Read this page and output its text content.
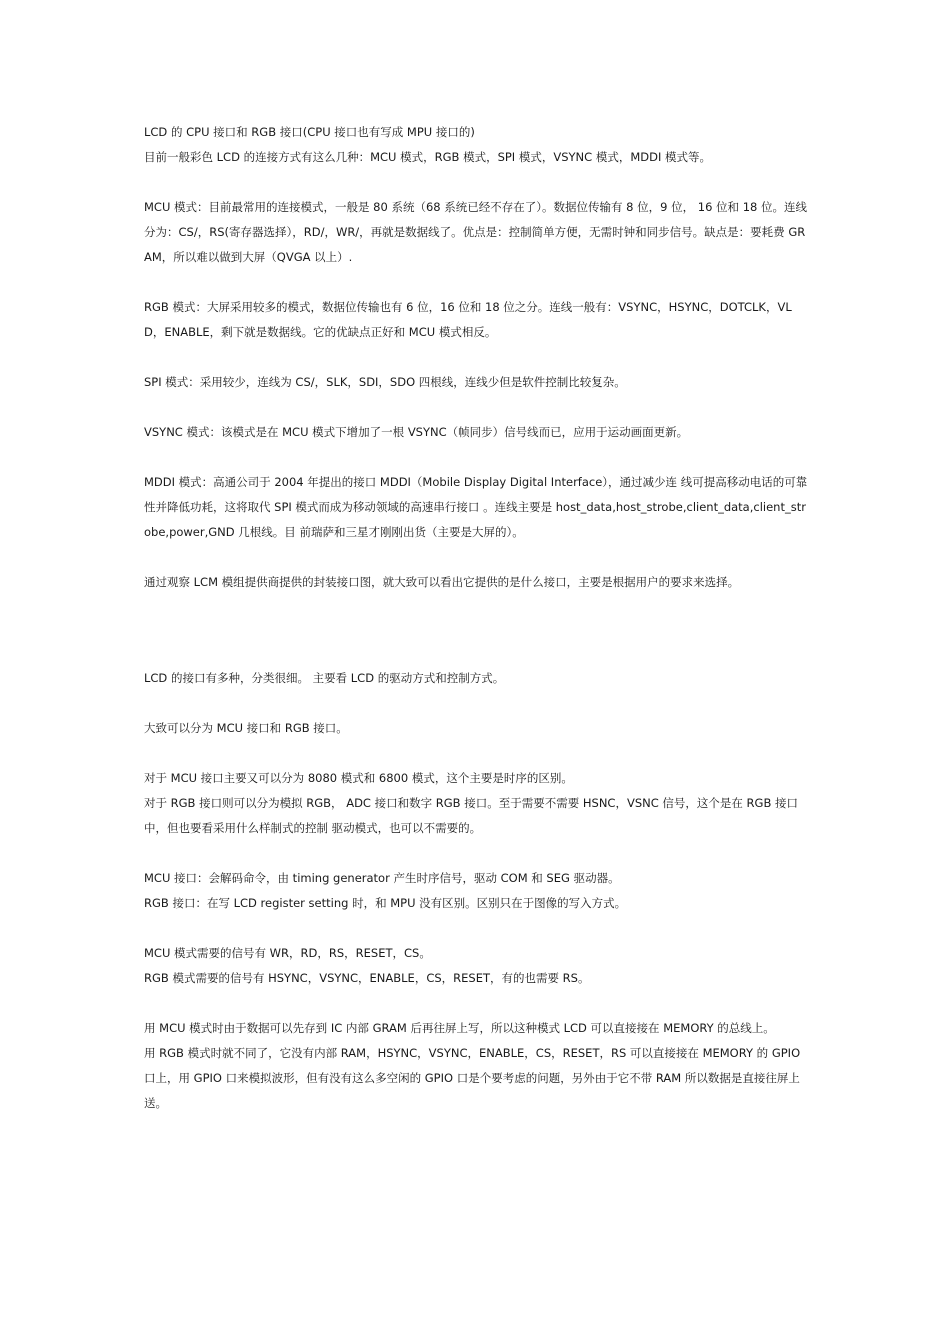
LCD 的 CPU 接口和 RGB 接口(CPU 接口也有写成 MPU 接口的)

目前一般彩色 LCD 的连接方式有这么几种：MCU 模式，RGB 模式，SPI 模式，VSYNC 模式，MDDI 模式等。

MCU 模式：目前最常用的连接模式，一般是 80 系统（68 系统已经不存在了）。数据位传输有 8 位，9 位， 16 位和 18 位。连线分为：CS/，RS(寄存器选择），RD/，WR/，再就是数据线了。优点是：控制简单方便，无需时钟和同步信号。缺点是：要耗费 GRAM，所以难以做到大屏（QVGA 以上）.

RGB 模式：大屏采用较多的模式，数据位传输也有 6 位，16 位和 18 位之分。连线一般有：VSYNC，HSYNC，DOTCLK，VLD，ENABLE，剩下就是数据线。它的优缺点正好和 MCU 模式相反。

SPI 模式：采用较少，连线为 CS/，SLK，SDI，SDO 四根线，连线少但是软件控制比较复杂。

VSYNC 模式：该模式是在 MCU 模式下增加了一根 VSYNC（帧同步）信号线而已，应用于运动画面更新。

MDDI 模式：高通公司于 2004 年提出的接口 MDDI（Mobile Display Digital Interface），通过减少连 线可提高移动电话的可靠性并降低功耗，这将取代 SPI 模式而成为移动领域的高速串行接口 。连线主要是 host_data,host_strobe,client_data,client_strobe,power,GND 几根线。目 前瑞萨和三星才刚刚出货（主要是大屏的）。

通过观察 LCM 模组提供商提供的封装接口图，就大致可以看出它提供的是什么接口，主要是根据用户的要求来选择。

LCD 的接口有多种，分类很细。 主要看 LCD 的驱动方式和控制方式。

大致可以分为 MCU 接口和 RGB 接口。

对于 MCU 接口主要又可以分为 8080 模式和 6800 模式，这个主要是时序的区别。

对于 RGB 接口则可以分为模拟 RGB， ADC 接口和数字 RGB 接口。至于需要不需要 HSNC，VSNC 信号，这个是在 RGB 接口中，但也要看采用什么样制式的控制 驱动模式，也可以不需要的。

MCU 接口：会解码命令，由 timing generator 产生时序信号，驱动 COM 和 SEG 驱动器。

RGB 接口：在写 LCD register setting 时，和 MPU 没有区别。区别只在于图像的写入方式。

MCU 模式需要的信号有 WR，RD，RS，RESET，CS。

RGB 模式需要的信号有 HSYNC，VSYNC，ENABLE，CS，RESET，有的也需要 RS。

用 MCU 模式时由于数据可以先存到 IC 内部 GRAM 后再往屏上写，所以这种模式 LCD 可以直接接在 MEMORY 的总线上。

用 RGB 模式时就不同了，它没有内部 RAM，HSYNC，VSYNC，ENABLE，CS，RESET，RS 可以直接接在 MEMORY 的 GPIO 口上，用 GPIO 口来模拟波形，但有没有这么多空闲的 GPIO 口是个要考虑的问题，另外由于它不带 RAM 所以数据是直接往屏上送。
